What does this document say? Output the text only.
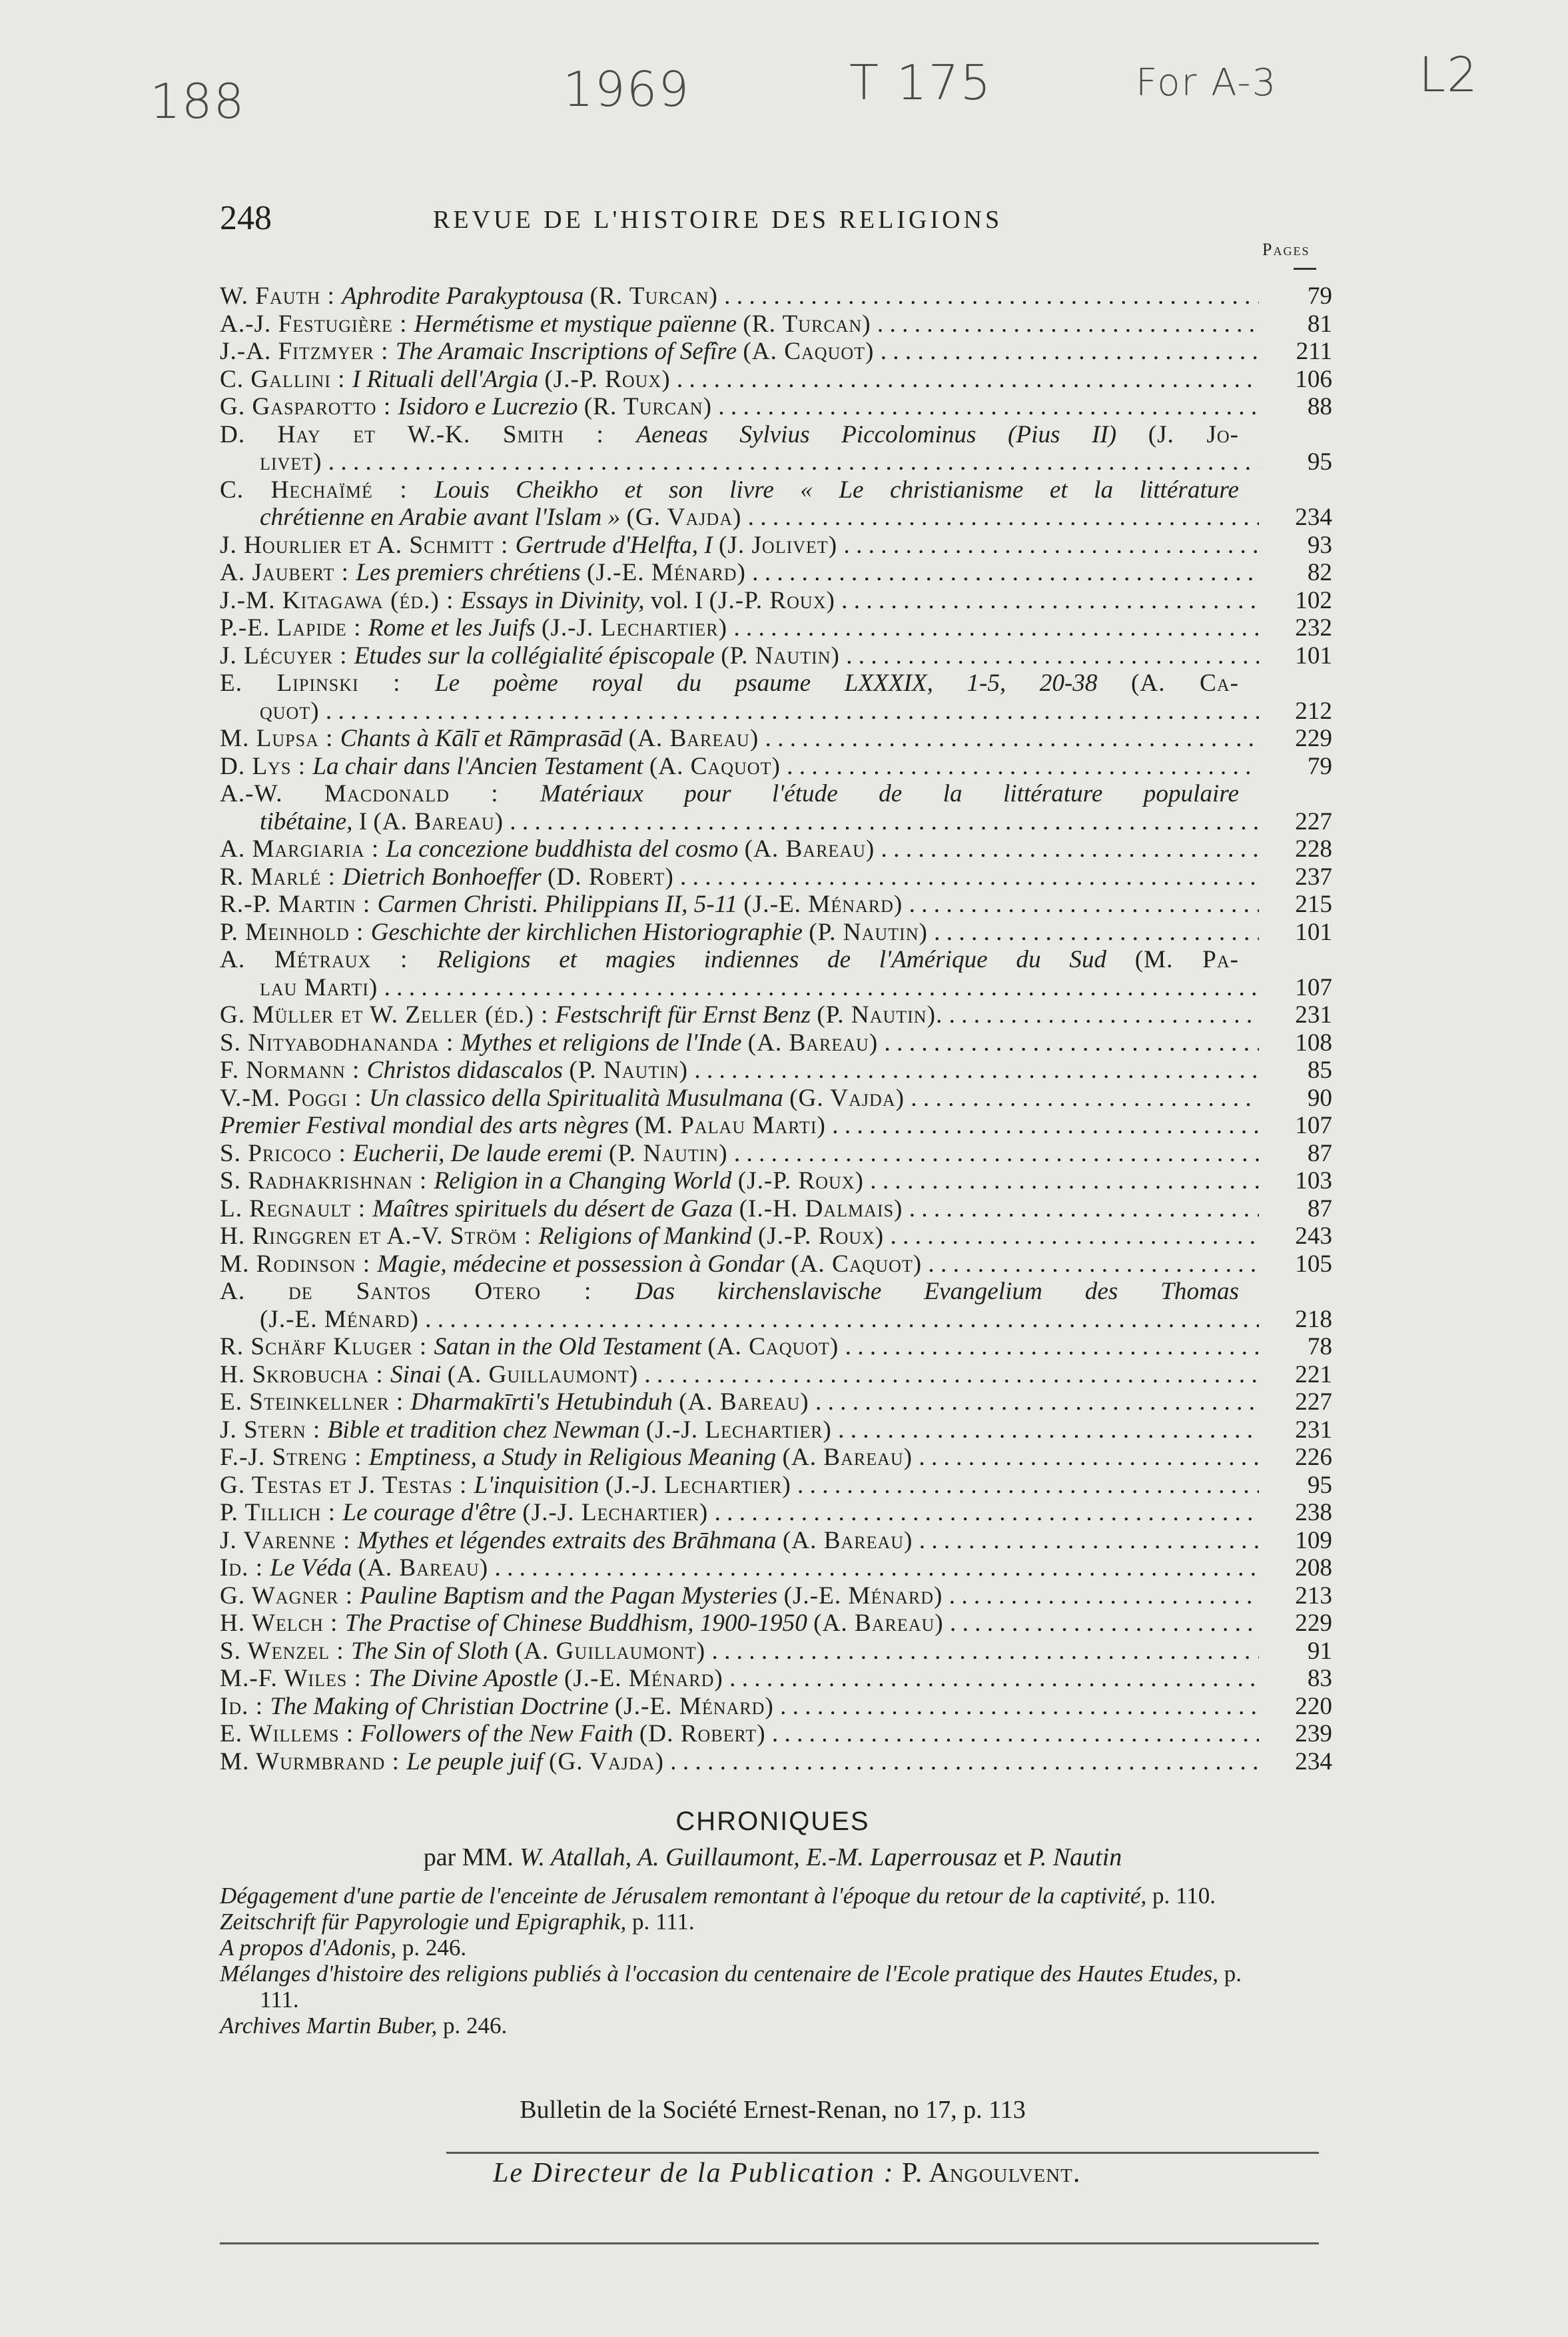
188	1969	T 175	For A-3	L2
248	REVUE DE L'HISTOIRE DES RELIGIONS
Pages
W. Fauth : Aphrodite Parakyptousa (R. Turcan) . . .	79
A.-J. Festugière : Hermétisme et mystique païenne (R. Turcan) . . .	81
J.-A. Fitzmyer : The Aramaic Inscriptions of Sefîre (A. Caquot) . . .	211
C. Gallini : I Rituali dell'Argia (J.-P. Roux) . . .	106
G. Gasparotto : Isidoro e Lucrezio (R. Turcan) . . .	88
D. Hay et W.-K. Smith : Aeneas Sylvius Piccolominus (Pius II) (J. Jo-
livet) . . .	95
C. Hechaïmé : Louis Cheikho et son livre « Le christianisme et la littérature
chrétienne en Arabie avant l'Islam » (G. Vajda) . . .	234
J. Hourlier et A. Schmitt : Gertrude d'Helfta, I (J. Jolivet) . . .	93
A. Jaubert : Les premiers chrétiens (J.-E. Ménard) . . .	82
J.-M. Kitagawa (éd.) : Essays in Divinity, vol. I (J.-P. Roux) . . .	102
P.-E. Lapide : Rome et les Juifs (J.-J. Lechartier) . . .	232
J. Lécuyer : Etudes sur la collégialité épiscopale (P. Nautin) . . .	101
E. Lipinski : Le poème royal du psaume LXXXIX, 1-5, 20-38 (A. Ca-
quot) . . .	212
M. Lupsa : Chants à Kālī et Rāmprasād (A. Bareau) . . .	229
D. Lys : La chair dans l'Ancien Testament (A. Caquot) . . .	79
A.-W. Macdonald : Matériaux pour l'étude de la littérature populaire
tibétaine, I (A. Bareau) . . .	227
A. Margiaria : La concezione buddhista del cosmo (A. Bareau) . . .	228
R. Marlé : Dietrich Bonhoeffer (D. Robert) . . .	237
R.-P. Martin : Carmen Christi. Philippians II, 5-11 (J.-E. Ménard) . . .	215
P. Meinhold : Geschichte der kirchlichen Historiographie (P. Nautin) . . .	101
A. Métraux : Religions et magies indiennes de l'Amérique du Sud (M. Pa-
lau Marti) . . .	107
G. Müller et W. Zeller (éd.) : Festschrift für Ernst Benz (P. Nautin). . . .	231
S. Nityabodhananda : Mythes et religions de l'Inde (A. Bareau) . . .	108
F. Normann : Christos didascalos (P. Nautin) . . .	85
V.-M. Poggi : Un classico della Spiritualità Musulmana (G. Vajda) . . .	90
Premier Festival mondial des arts nègres (M. Palau Marti) . . .	107
S. Pricoco : Eucherii, De laude eremi (P. Nautin) . . .	87
S. Radhakrishnan : Religion in a Changing World (J.-P. Roux) . . .	103
L. Regnault : Maîtres spirituels du désert de Gaza (I.-H. Dalmais) . . .	87
H. Ringgren et A.-V. Ström : Religions of Mankind (J.-P. Roux) . . .	243
M. Rodinson : Magie, médecine et possession à Gondar (A. Caquot) . . .	105
A. de Santos Otero : Das kirchenslavische Evangelium des Thomas
(J.-E. Ménard) . . .	218
R. Schärf Kluger : Satan in the Old Testament (A. Caquot) . . .	78
H. Skrobucha : Sinai (A. Guillaumont) . . .	221
E. Steinkellner : Dharmakīrti's Hetubinduh (A. Bareau) . . .	227
J. Stern : Bible et tradition chez Newman (J.-J. Lechartier) . . .	231
F.-J. Streng : Emptiness, a Study in Religious Meaning (A. Bareau) . . .	226
G. Testas et J. Testas : L'inquisition (J.-J. Lechartier) . . .	95
P. Tillich : Le courage d'être (J.-J. Lechartier) . . .	238
J. Varenne : Mythes et légendes extraits des Brāhmana (A. Bareau) . . .	109
Id. : Le Véda (A. Bareau) . . .	208
G. Wagner : Pauline Baptism and the Pagan Mysteries (J.-E. Ménard) . . .	213
H. Welch : The Practise of Chinese Buddhism, 1900-1950 (A. Bareau) . . .	229
S. Wenzel : The Sin of Sloth (A. Guillaumont) . . .	91
M.-F. Wiles : The Divine Apostle (J.-E. Ménard) . . .	83
Id. : The Making of Christian Doctrine (J.-E. Ménard) . . .	220
E. Willems : Followers of the New Faith (D. Robert) . . .	239
M. Wurmbrand : Le peuple juif (G. Vajda) . . .	234
CHRONIQUES
par MM. W. Atallah, A. Guillaumont, E.-M. Laperrousaz et P. Nautin
Dégagement d'une partie de l'enceinte de Jérusalem remontant à l'époque du retour de la captivité, p. 110.
Zeitschrift für Papyrologie und Epigraphik, p. 111.
A propos d'Adonis, p. 246.
Mélanges d'histoire des religions publiés à l'occasion du centenaire de l'Ecole pratique des Hautes Etudes, p. 111.
Archives Martin Buber, p. 246.
Bulletin de la Société Ernest-Renan, no 17, p. 113
Le Directeur de la Publication : P. Angoulvent.
